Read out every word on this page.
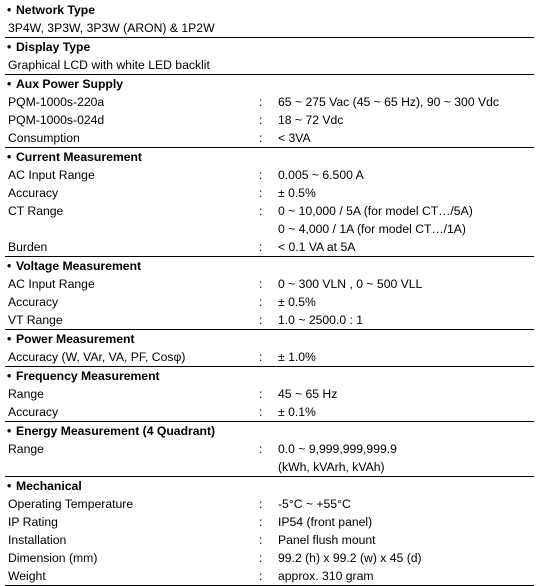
• Network Type
3P4W, 3P3W, 3P3W (ARON) & 1P2W
• Display Type
Graphical LCD with white LED backlit
• Aux Power Supply
PQM-1000s-220a	:	65 ~ 275 Vac (45 ~ 65 Hz), 90 ~ 300 Vdc
PQM-1000s-024d	:	18 ~ 72 Vdc
Consumption	:	< 3VA
• Current Measurement
AC Input Range	:	0.005 ~ 6.500 A
Accuracy	:	± 0.5%
CT Range	:	0 ~ 10,000 / 5A (for model CT…/5A)
0 ~ 4,000 / 1A (for model CT…/1A)
Burden	:	< 0.1 VA at 5A
• Voltage Measurement
AC Input Range	:	0 ~ 300 VLN , 0 ~ 500 VLL
Accuracy	:	± 0.5%
VT Range	:	1.0 ~ 2500.0 : 1
• Power Measurement
Accuracy (W, VAr, VA, PF, Cosφ)	:	± 1.0%
• Frequency Measurement
Range	:	45 ~ 65 Hz
Accuracy	:	± 0.1%
• Energy Measurement (4 Quadrant)
Range	:	0.0 ~ 9,999,999,999.9
(kWh, kVArh, kVAh)
• Mechanical
Operating Temperature	:	-5°C ~ +55°C
IP Rating	:	IP54 (front panel)
Installation	:	Panel flush mount
Dimension (mm)	:	99.2 (h) x 99.2 (w) x 45 (d)
Weight	:	approx. 310 gram
